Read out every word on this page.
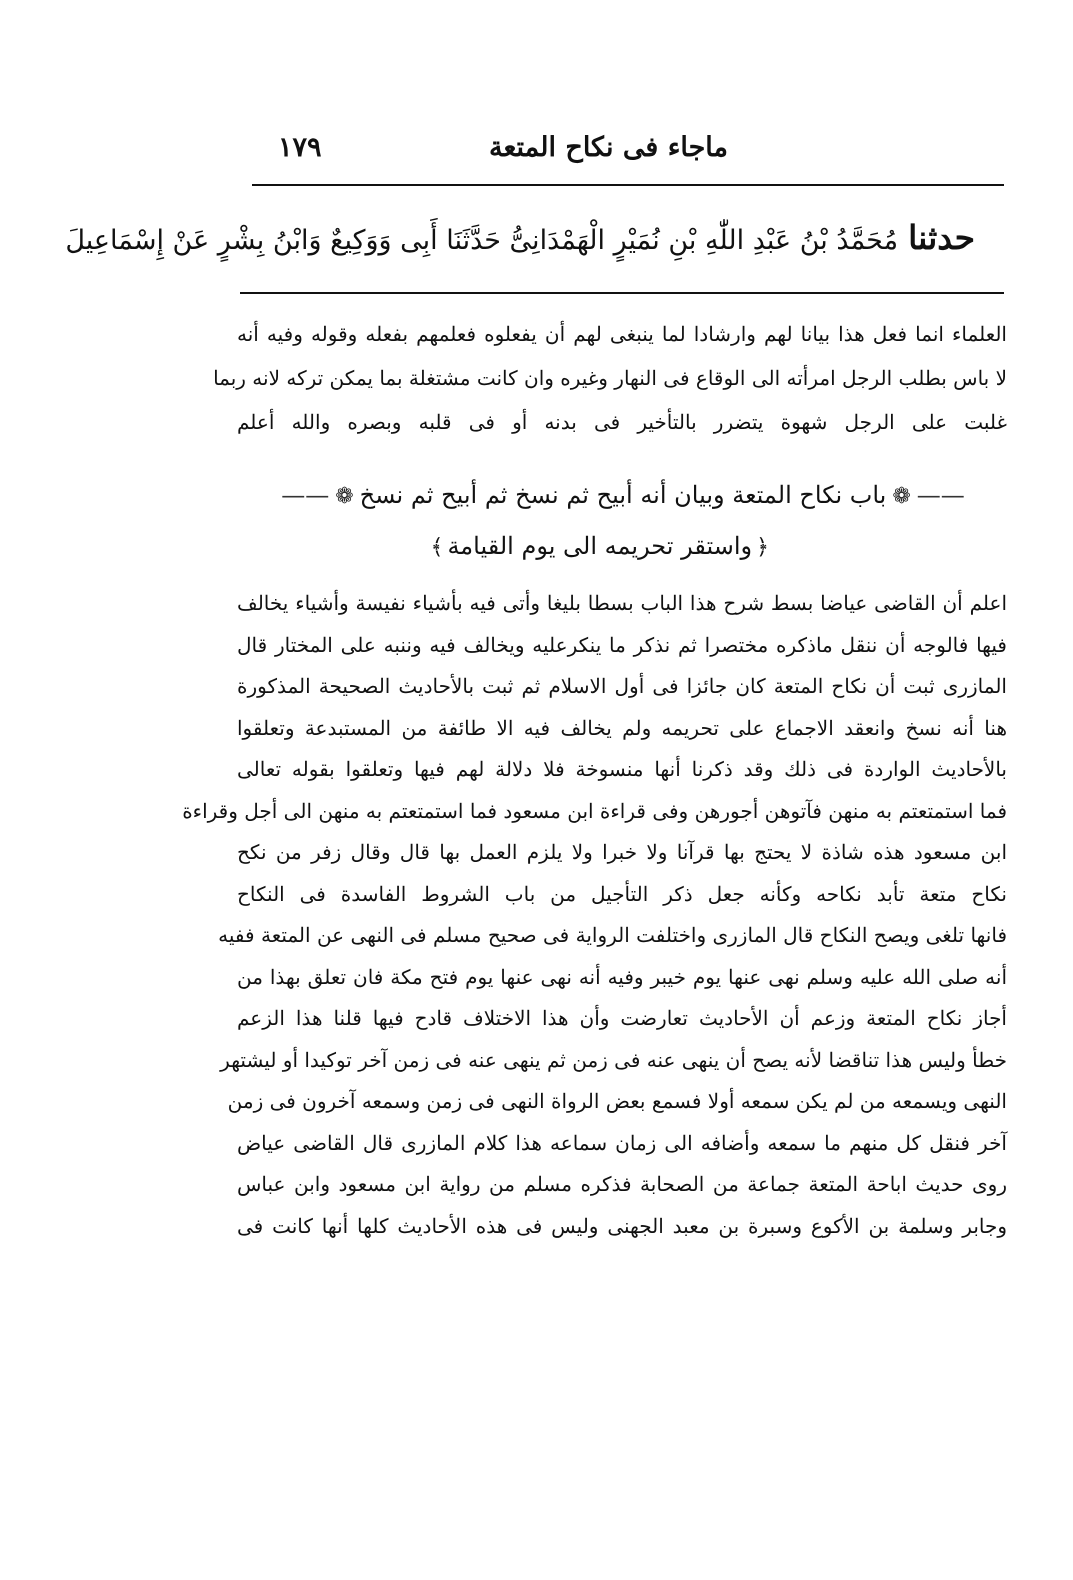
ماجاء فى نكاح المتعة
١٧٩
حدثنامُحَمَّدُ بْنُ عَبْدِ اللّٰهِ بْنِ نُمَيْرٍ الْهَمْدَانِىُّ حَدَّثَنَا أَبِى وَوَكِيعٌ وَابْنُ بِشْرٍ عَنْ إِسْمَاعِيلَ
العلماء انما فعل هذا بيانا لهم وارشادا لما ينبغى لهم أن يفعلوه فعلمهم بفعله وقوله وفيه أنه
لا باس بطلب الرجل امرأته الى الوقاع فى النهار وغيره وان كانت مشتغلة بما يمكن تركه لانه ربما
غلبت على الرجل شهوة يتضرر بالتأخير فى بدنه أو فى قلبه وبصره والله أعلم
——❁باب نكاح المتعة وبيان أنه أبيح ثم نسخ ثم أبيح ثم نسخ❁——
﴿واستقر تحريمه الى يوم القيامة﴾
اعلم أن القاضى عياضا بسط شرح هذا الباب بسطا بليغا وأتى فيه بأشياء نفيسة وأشياء يخالف
فيها فالوجه أن ننقل ماذكره مختصرا ثم نذكر ما ينكرعليه ويخالف فيه وننبه على المختار قال
المازرى ثبت أن نكاح المتعة كان جائزا فى أول الاسلام ثم ثبت بالأحاديث الصحيحة المذكورة
هنا أنه نسخ وانعقد الاجماع على تحريمه ولم يخالف فيه الا طائفة من المستبدعة وتعلقوا
بالأحاديث الواردة فى ذلك وقد ذكرنا أنها منسوخة فلا دلالة لهم فيها وتعلقوا بقوله تعالى
فما استمتعتم به منهن فآتوهن أجورهن وفى قراءة ابن مسعود فما استمتعتم به منهن الى أجل وقراءة
ابن مسعود هذه شاذة لا يحتج بها قرآنا ولا خبرا ولا يلزم العمل بها قال وقال زفر من نكح
نكاح متعة تأبد نكاحه وكأنه جعل ذكر التأجيل من باب الشروط الفاسدة فى النكاح
فانها تلغى ويصح النكاح قال المازرى واختلفت الرواية فى صحيح مسلم فى النهى عن المتعة ففيه
أنه صلى الله عليه وسلم نهى عنها يوم خيبر وفيه أنه نهى عنها يوم فتح مكة فان تعلق بهذا من
أجاز نكاح المتعة وزعم أن الأحاديث تعارضت وأن هذا الاختلاف قادح فيها قلنا هذا الزعم
خطأ وليس هذا تناقضا لأنه يصح أن ينهى عنه فى زمن ثم ينهى عنه فى زمن آخر توكيدا أو ليشتهر
النهى ويسمعه من لم يكن سمعه أولا فسمع بعض الرواة النهى فى زمن وسمعه آخرون فى زمن
آخر فنقل كل منهم ما سمعه وأضافه الى زمان سماعه هذا كلام المازرى قال القاضى عياض
روى حديث اباحة المتعة جماعة من الصحابة فذكره مسلم من رواية ابن مسعود وابن عباس
وجابر وسلمة بن الأكوع وسبرة بن معبد الجهنى وليس فى هذه الأحاديث كلها أنها كانت فى
